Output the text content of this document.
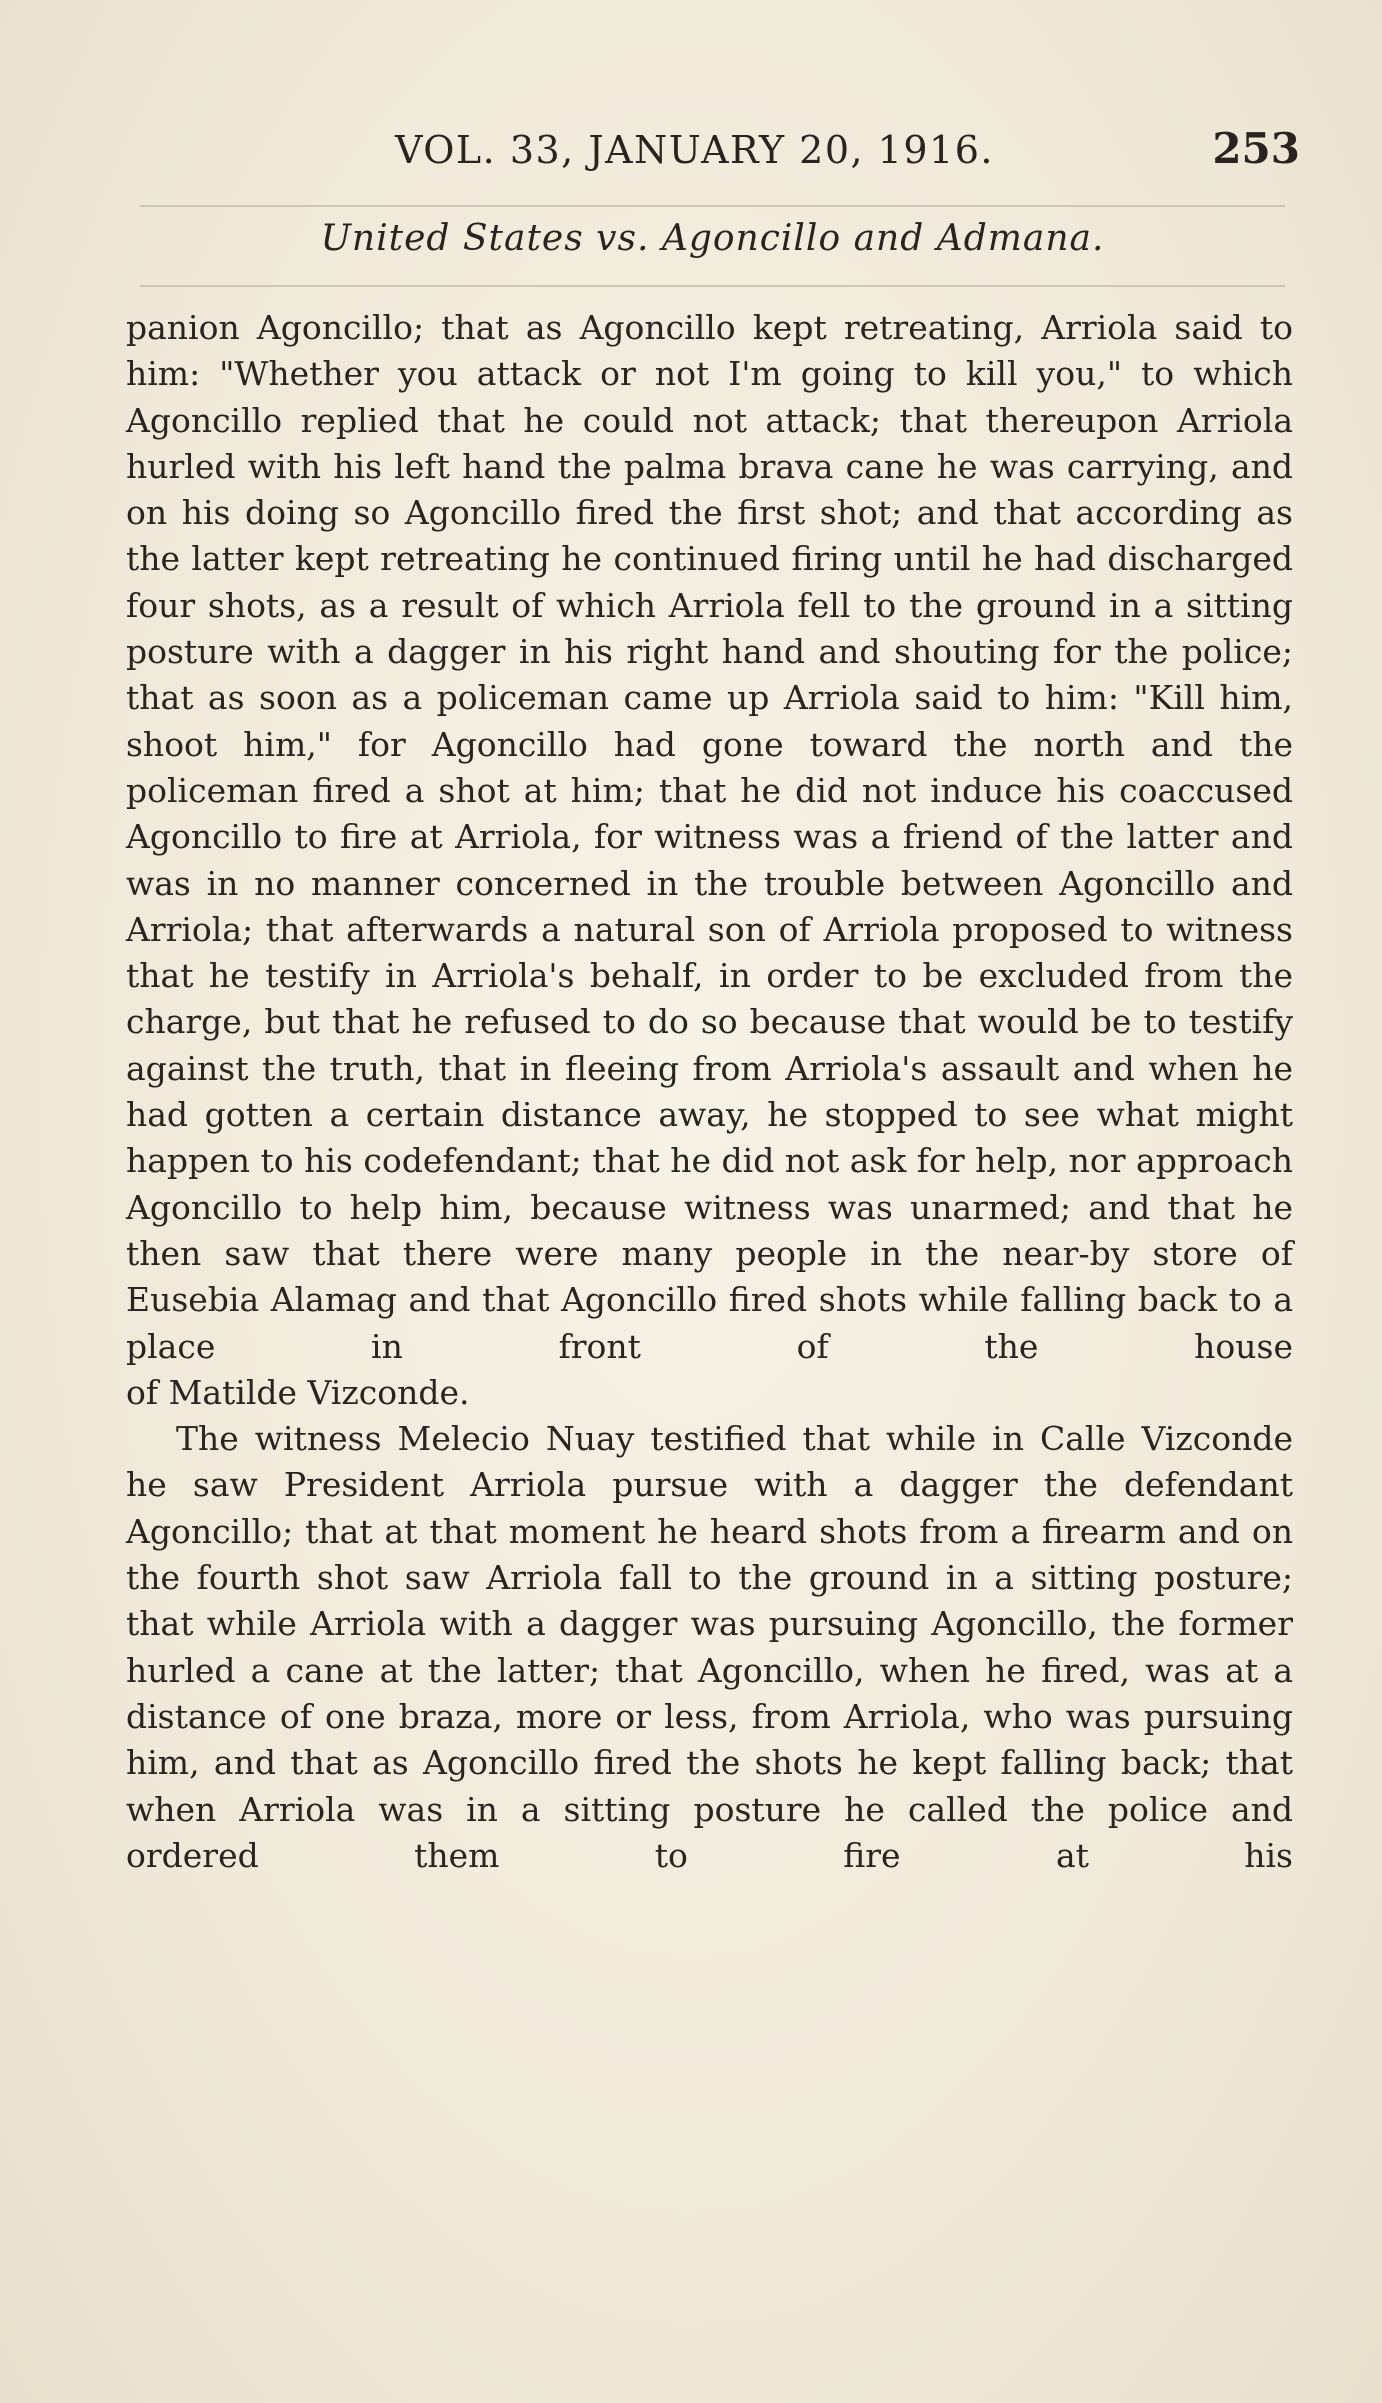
VOL. 33, JANUARY 20, 1916.	253
United States vs. Agoncillo and Admana.

panion Agoncillo; that as Agoncillo kept retreating, Arriola said to him: "Whether you attack or not I'm going to kill you," to which Agoncillo replied that he could not attack; that thereupon Arriola hurled with his left hand the palma brava cane he was carrying, and on his doing so Agoncillo fired the first shot; and that according as the latter kept retreating he continued firing until he had discharged four shots, as a result of which Arriola fell to the ground in a sitting posture with a dagger in his right hand and shouting for the police; that as soon as a policeman came up Arriola said to him: "Kill him, shoot him," for Agoncillo had gone toward the north and the policeman fired a shot at him; that he did not induce his coaccused Agoncillo to fire at Arriola, for witness was a friend of the latter and was in no manner concerned in the trouble between Agoncillo and Arriola; that afterwards a natural son of Arriola proposed to witness that he testify in Arriola's behalf, in order to be excluded from the charge, but that he refused to do so because that would be to testify against the truth, that in fleeing from Arriola's assault and when he had gotten a certain distance away, he stopped to see what might happen to his codefendant; that he did not ask for help, nor approach Agoncillo to help him, because witness was unarmed; and that he then saw that there were many people in the near-by store of Eusebia Alamag and that Agoncillo fired shots while falling back to a place in front of the house

of Matilde Vizconde.

The witness Melecio Nuay testified that while in Calle Vizconde he saw President Arriola pursue with a dagger the defendant Agoncillo; that at that moment he heard shots from a firearm and on the fourth shot saw Arriola fall to the ground in a sitting posture; that while Arriola with a dagger was pursuing Agoncillo, the former hurled a cane at the latter; that Agoncillo, when he fired, was at a distance of one braza, more or less, from Arriola, who was pursuing him, and that as Agoncillo fired the shots he kept falling back; that when Arriola was in a sitting posture he called the police and ordered them to fire at his
